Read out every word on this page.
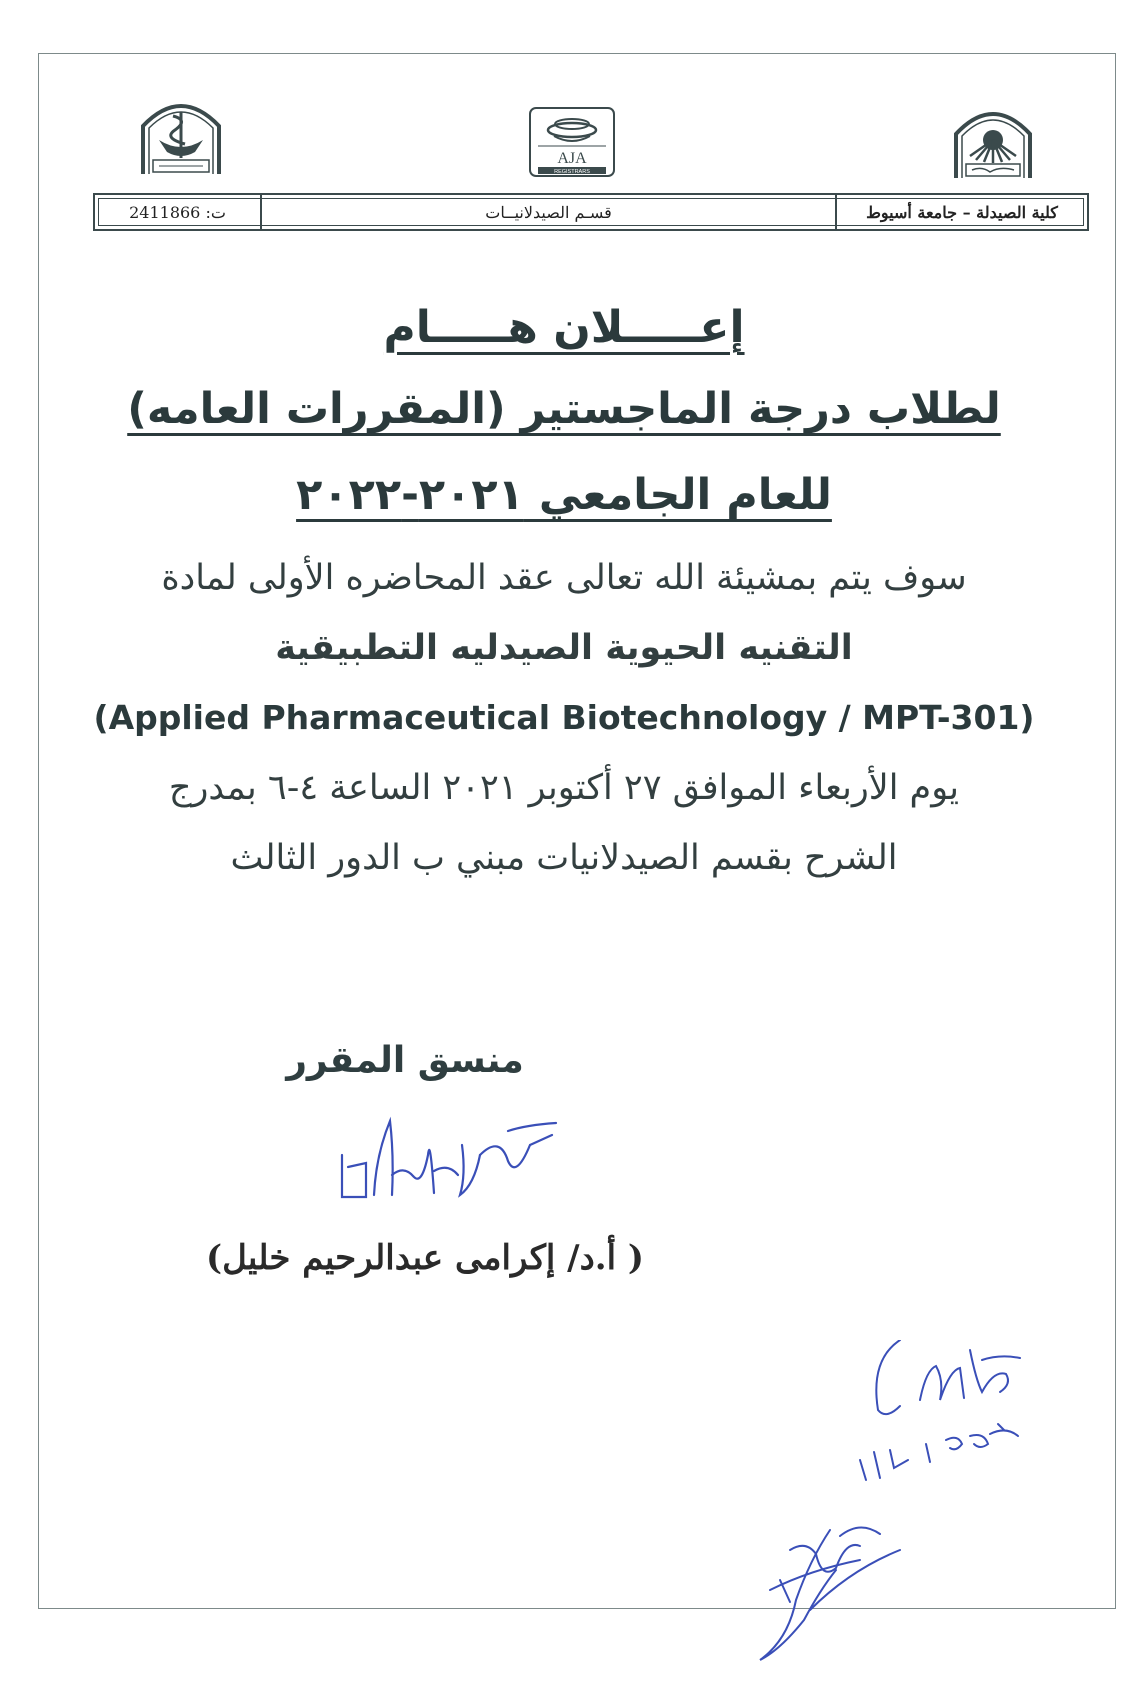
AJA
REGISTRARS
ت: 2411866	قسـم الصيدلانيــات	كلية الصيدلة – جامعة أسيوط
إعـــــلان هـــــام
لطلاب درجة الماجستير (المقررات العامه)
للعام الجامعي ٢٠٢١-٢٠٢٢
سوف يتم بمشيئة الله تعالى عقد المحاضره الأولى لمادة
التقنيه الحيوية الصيدليه التطبيقية
(Applied Pharmaceutical Biotechnology / MPT-301)
يوم الأربعاء الموافق ٢٧ أكتوبر ٢٠٢١ الساعة ٤-٦ بمدرج
الشرح بقسم الصيدلانيات مبني ب الدور الثالث
منسق المقرر
( أ.د/ إكرامى عبدالرحيم خليل)
